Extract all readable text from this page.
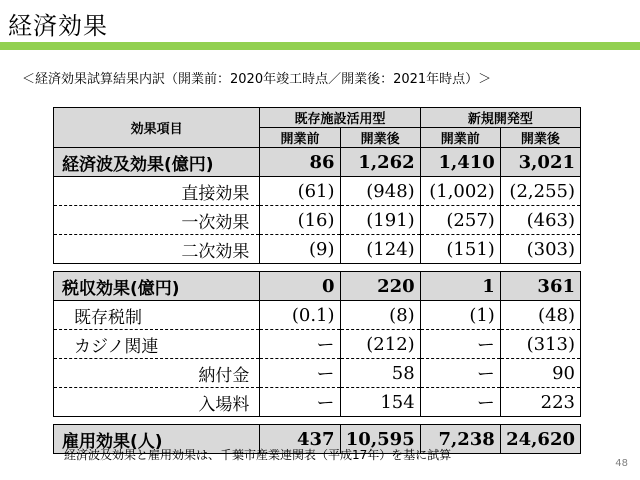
経済効果
＜経済効果試算結果内訳（開業前：2020年竣工時点／開業後：2021年時点）＞
効果項目	既存施設活用型		新規開発型	
	開業前	開業後	開業前	開業後
経済波及効果(億円)	86	1,262	1,410	3,021
直接効果	(61)	(948)	(1,002)	(2,255)
一次効果	(16)	(191)	(257)	(463)
二次効果	(9)	(124)	(151)	(303)

税収効果(億円)	0	220	1	361
既存税制	(0.1)	(8)	(1)	(48)
カジノ関連	ー	(212)	ー	(313)
納付金	ー	58	ー	90
入場料	ー	154	ー	223

雇用効果(人)	437	10,595	7,238	24,620
経済波及効果と雇用効果は、千葉市産業連関表（平成17年）を基に試算
48
